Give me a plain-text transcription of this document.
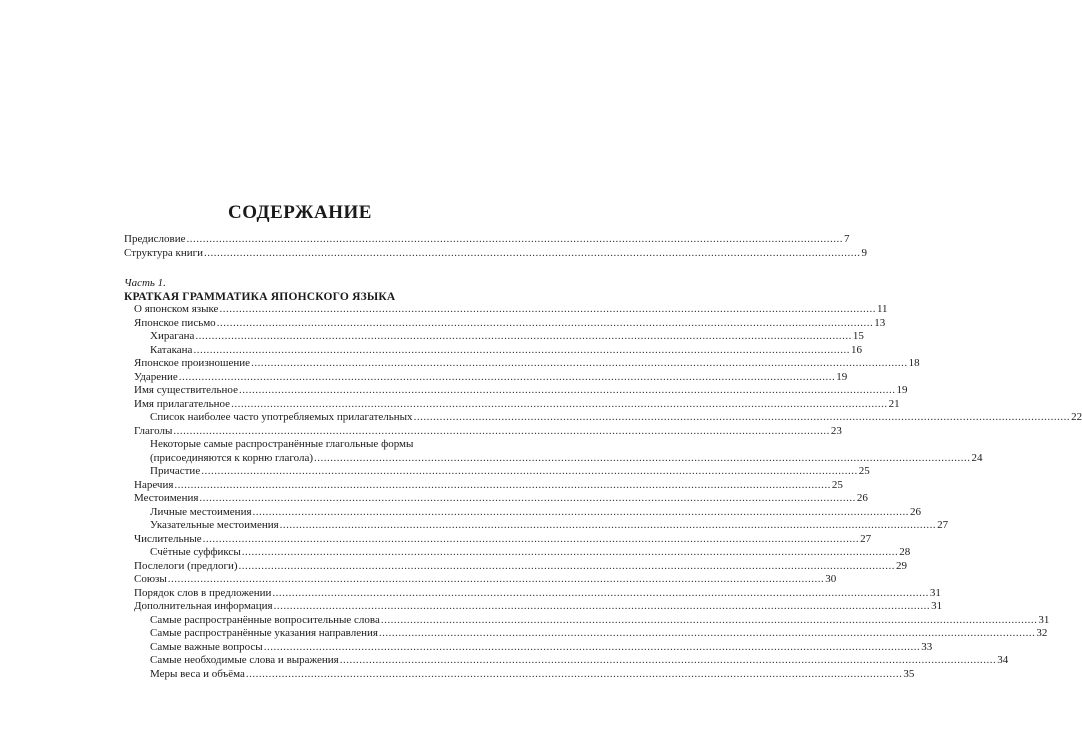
СОДЕРЖАНИЕ
Предисловие .....	7
Структура книги .....	9
Часть 1.
КРАТКАЯ ГРАММАТИКА ЯПОНСКОГО ЯЗЫКА
О японском языке .....	11
Японское письмо .....	13
Хирагана .....	15
Катакана .....	16
Японское произношение .....	18
Ударение .....	19
Имя существительное .....	19
Имя прилагательное .....	21
Список наиболее часто употребляемых прилагательных .....	22
Глаголы .....	23
Некоторые самые распространённые глагольные формы
(присоединяются к корню глагола) .....	24
Причастие .....	25
Наречия .....	25
Местоимения .....	26
Личные местоимения .....	26
Указательные местоимения .....	27
Числительные .....	27
Счётные суффиксы .....	28
Послелоги (предлоги) .....	29
Союзы .....	30
Порядок слов в предложении .....	31
Дополнительная информация .....	31
Самые распространённые вопросительные слова .....	31
Самые распространённые указания направления .....	32
Самые важные вопросы .....	33
Самые необходимые слова и выражения .....	34
Меры веса и объёма .....	35
